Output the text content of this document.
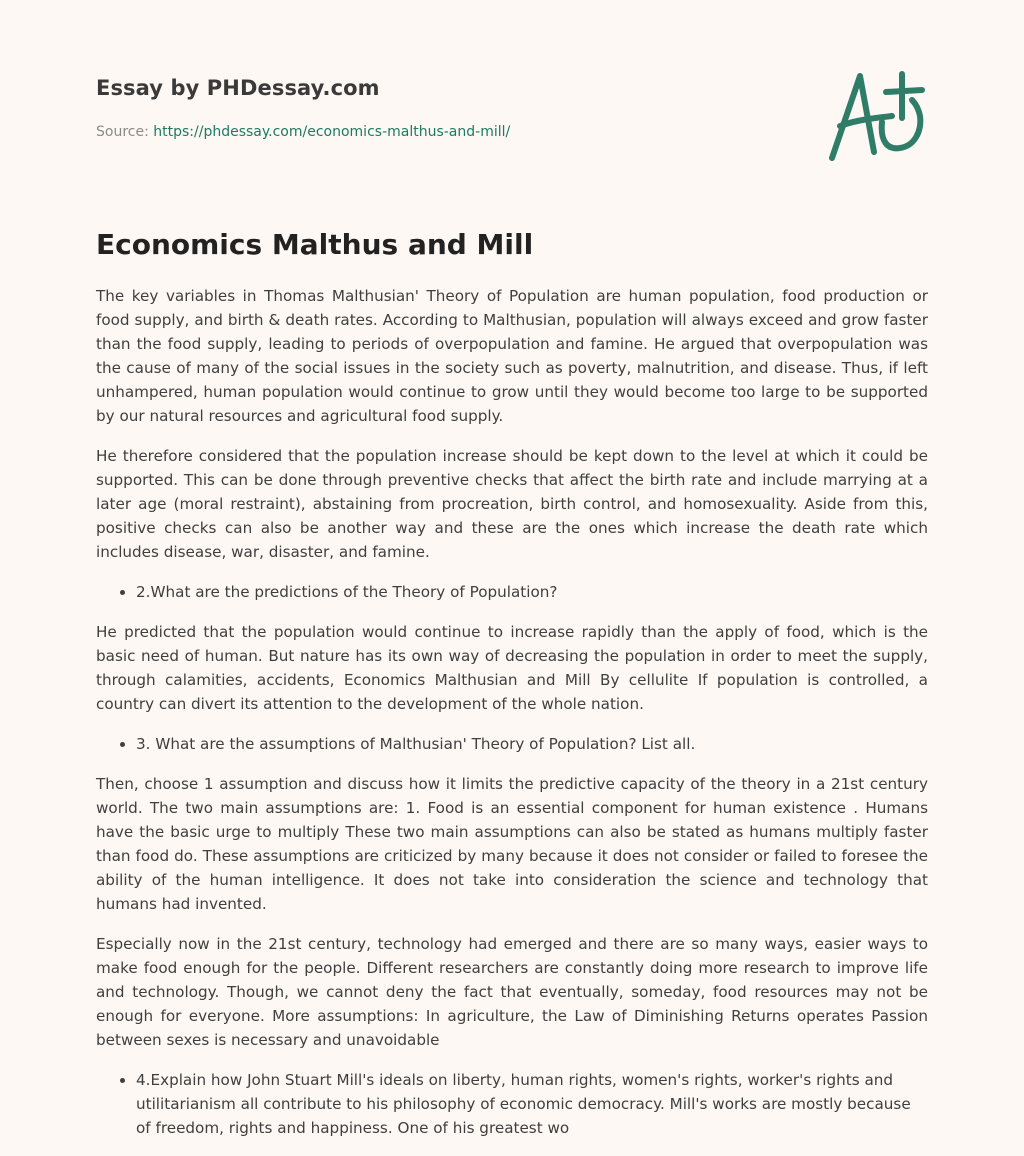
Essay by PHDessay.com
Source: https://phdessay.com/economics-malthus-and-mill/
Economics Malthus and Mill

The key variables in Thomas Malthusian' Theory of Population are human population, food production or food supply, and birth & death rates. According to Malthusian, population will always exceed and grow faster than the food supply, leading to periods of overpopulation and famine. He argued that overpopulation was the cause of many of the social issues in the society such as poverty, malnutrition, and disease. Thus, if left unhampered, human population would continue to grow until they would become too large to be supported by our natural resources and agricultural food supply.

He therefore considered that the population increase should be kept down to the level at which it could be supported. This can be done through preventive checks that affect the birth rate and include marrying at a later age (moral restraint), abstaining from procreation, birth control, and homosexuality. Aside from this, positive checks can also be another way and these are the ones which increase the death rate which includes disease, war, disaster, and famine.

• 2.What are the predictions of the Theory of Population?

He predicted that the population would continue to increase rapidly than the apply of food, which is the basic need of human. But nature has its own way of decreasing the population in order to meet the supply, through calamities, accidents, Economics Malthusian and Mill By cellulite If population is controlled, a country can divert its attention to the development of the whole nation.

• 3. What are the assumptions of Malthusian' Theory of Population? List all.

Then, choose 1 assumption and discuss how it limits the predictive capacity of the theory in a 21st century world. The two main assumptions are: 1. Food is an essential component for human existence . Humans have the basic urge to multiply These two main assumptions can also be stated as humans multiply faster than food do. These assumptions are criticized by many because it does not consider or failed to foresee the ability of the human intelligence. It does not take into consideration the science and technology that humans had invented.

Especially now in the 21st century, technology had emerged and there are so many ways, easier ways to make food enough for the people. Different researchers are constantly doing more research to improve life and technology. Though, we cannot deny the fact that eventually, someday, food resources may not be enough for everyone. More assumptions: In agriculture, the Law of Diminishing Returns operates Passion between sexes is necessary and unavoidable

• 4.Explain how John Stuart Mill's ideals on liberty, human rights, women's rights, worker's rights and utilitarianism all contribute to his philosophy of economic democracy. Mill's works are mostly because of freedom, rights and happiness. One of his greatest wo
